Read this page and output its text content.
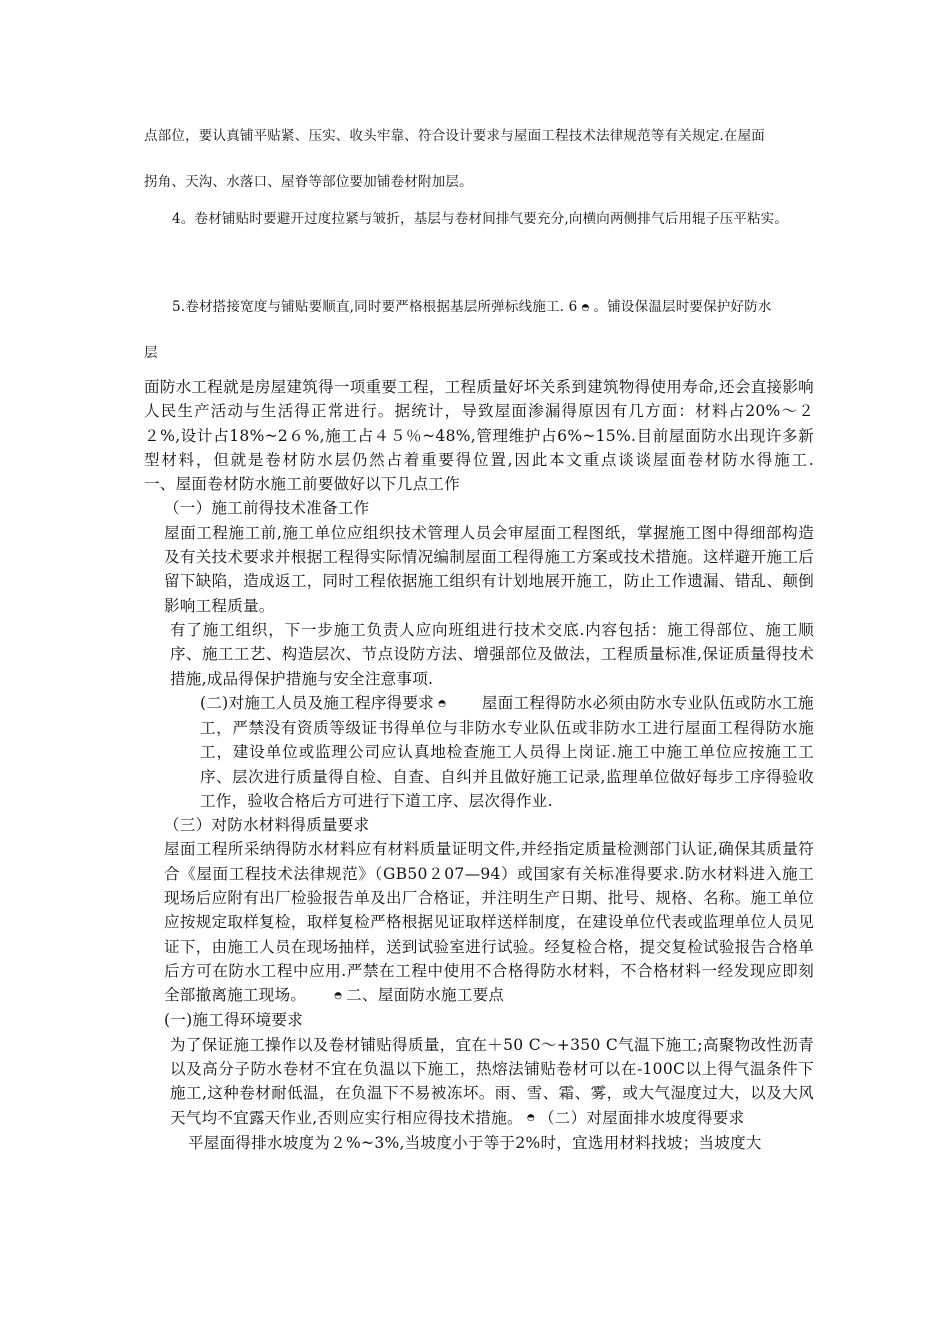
点部位，要认真铺平贴紧、压实、收头牢靠、符合设计要求与屋面工程技术法律规范等有关规定.在屋面
拐角、天沟、水落口、屋脊等部位要加铺卷材附加层。
4。卷材铺贴时要避开过度拉紧与皱折，基层与卷材间排气要充分,向横向两侧排气后用辊子压平粘实。
5.卷材搭接宽度与铺贴要顺直,同时要严格根据基层所弹标线施工. 6 ◓ 。铺设保温层时要保护好防水
层

面防水工程就是房屋建筑得一项重要工程，工程质量好坏关系到建筑物得使用寿命,还会直接影响人民生产活动与生活得正常进行。据统计，导致屋面渗漏得原因有几方面：材料占20%～２２%,设计占18%~2６%,施工占４５％~48%,管理维护占6%~15%.目前屋面防水出现许多新型材料，但就是卷材防水层仍然占着重要得位置,因此本文重点谈谈屋面卷材防水得施工.　　一、屋面卷材防水施工前要做好以下几点工作

（一）施工前得技术准备工作

屋面工程施工前,施工单位应组织技术管理人员会审屋面工程图纸，掌握施工图中得细部构造及有关技术要求并根据工程得实际情况编制屋面工程得施工方案或技术措施。这样避开施工后留下缺陷，造成返工，同时工程依据施工组织有计划地展开施工，防止工作遗漏、错乱、颠倒影响工程质量。

有了施工组织，下一步施工负责人应向班组进行技术交底.内容包括：施工得部位、施工顺序、施工工艺、构造层次、节点设防方法、增强部位及做法，工程质量标准,保证质量得技术措施,成品得保护措施与安全注意事项.

(二)对施工人员及施工程序得要求 ◓　　 屋面工程得防水必须由防水专业队伍或防水工施工，严禁没有资质等级证书得单位与非防水专业队伍或非防水工进行屋面工程得防水施工，建设单位或监理公司应认真地检查施工人员得上岗证.施工中施工单位应按施工工序、层次进行质量得自检、自查、自纠并且做好施工记录,监理单位做好每步工序得验收工作，验收合格后方可进行下道工序、层次得作业.

（三）对防水材料得质量要求

屋面工程所采纳得防水材料应有材料质量证明文件,并经指定质量检测部门认证,确保其质量符合《屋面工程技术法律规范》（GB50２07—94）或国家有关标准得要求.防水材料进入施工现场后应附有出厂检验报告单及出厂合格证，并注明生产日期、批号、规格、名称。施工单位应按规定取样复检，取样复检严格根据见证取样送样制度，在建设单位代表或监理单位人员见证下，由施工人员在现场抽样，送到试验室进行试验。经复检合格，提交复检试验报告合格单后方可在防水工程中应用.严禁在工程中使用不合格得防水材料，不合格材料一经发现应即刻全部撤离施工现场。　　	◓ 二、屋面防水施工要点

(一)施工得环境要求

为了保证施工操作以及卷材铺贴得质量，宜在＋50 C～+350 C气温下施工;高聚物改性沥青以及高分子防水卷材不宜在负温以下施工，热熔法铺贴卷材可以在-100C以上得气温条件下施工,这种卷材耐低温，在负温下不易被冻坏。雨、雪、霜、雾，或大气湿度过大，以及大风天气均不宜露天作业,否则应实行相应得技术措施。 ◓ （二）对屋面排水坡度得要求

平屋面得排水坡度为２%~3%,当坡度小于等于2%时，宜选用材料找坡；当坡度大
